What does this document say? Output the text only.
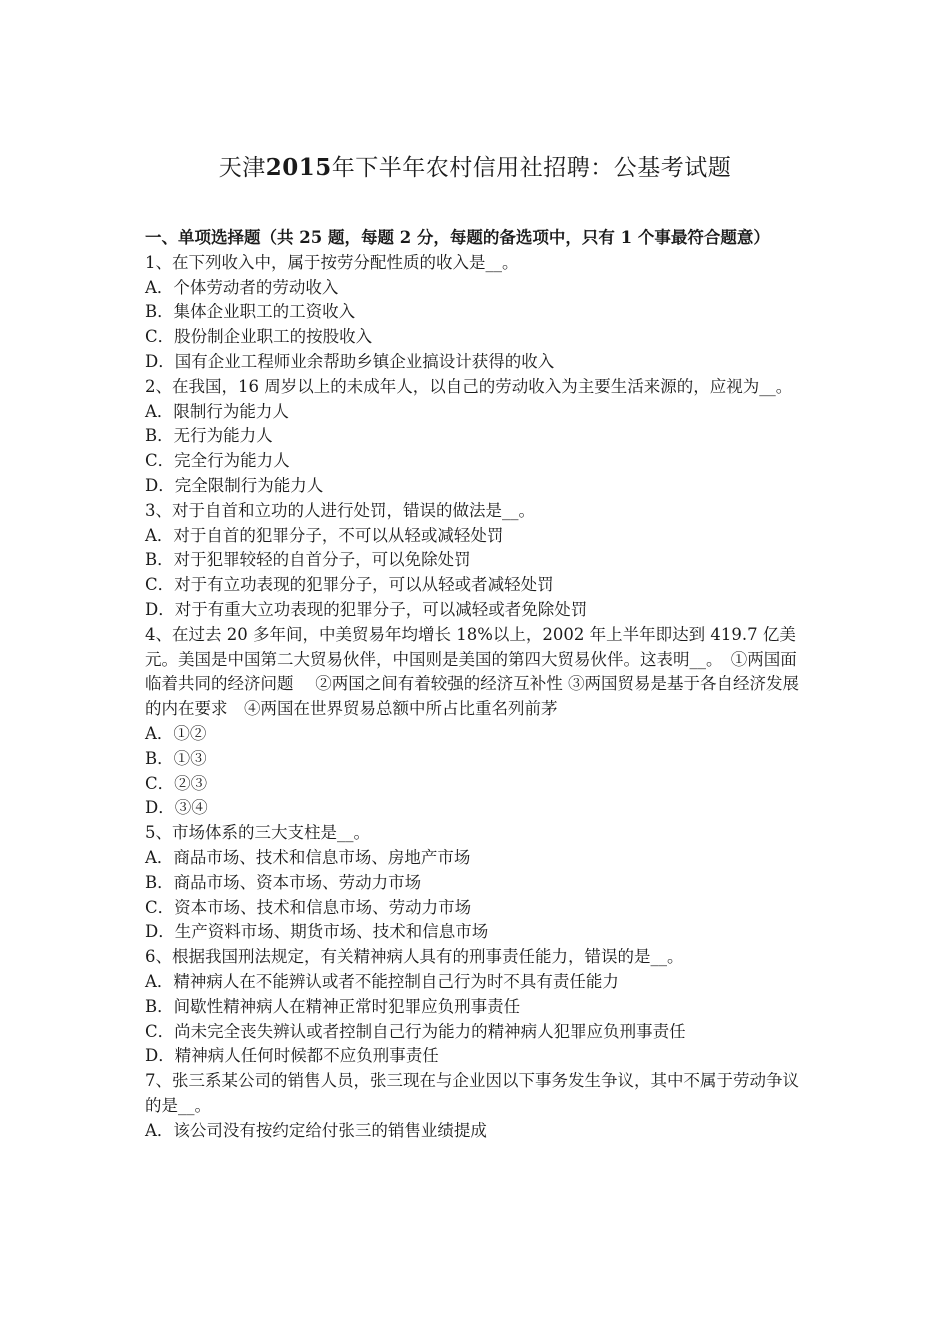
天津2015年下半年农村信用社招聘：公基考试题
一、单项选择题（共 25 题，每题 2 分，每题的备选项中，只有 1 个事最符合题意）
1、在下列收入中，属于按劳分配性质的收入是__。
A．个体劳动者的劳动收入
B．集体企业职工的工资收入
C．股份制企业职工的按股收入
D．国有企业工程师业余帮助乡镇企业搞设计获得的收入
2、在我国，16 周岁以上的未成年人，以自己的劳动收入为主要生活来源的，应视为__。
A．限制行为能力人
B．无行为能力人
C．完全行为能力人
D．完全限制行为能力人
3、对于自首和立功的人进行处罚，错误的做法是__。
A．对于自首的犯罪分子，不可以从轻或减轻处罚
B．对于犯罪较轻的自首分子，可以免除处罚
C．对于有立功表现的犯罪分子，可以从轻或者减轻处罚
D．对于有重大立功表现的犯罪分子，可以减轻或者免除处罚
4、在过去 20 多年间，中美贸易年均增长 18%以上，2002 年上半年即达到 419.7 亿美元。美国是中国第二大贸易伙伴，中国则是美国的第四大贸易伙伴。这表明__。　①两国面临着共同的经济问题　 ②两国之间有着较强的经济互补性 ③两国贸易是基于各自经济发展的内在要求　④两国在世界贸易总额中所占比重名列前茅
A．①②
B．①③
C．②③
D．③④
5、市场体系的三大支柱是__。
A．商品市场、技术和信息市场、房地产市场
B．商品市场、资本市场、劳动力市场
C．资本市场、技术和信息市场、劳动力市场
D．生产资料市场、期货市场、技术和信息市场
6、根据我国刑法规定，有关精神病人具有的刑事责任能力，错误的是__。
A．精神病人在不能辨认或者不能控制自己行为时不具有责任能力
B．间歇性精神病人在精神正常时犯罪应负刑事责任
C．尚未完全丧失辨认或者控制自己行为能力的精神病人犯罪应负刑事责任
D．精神病人任何时候都不应负刑事责任
7、张三系某公司的销售人员，张三现在与企业因以下事务发生争议，其中不属于劳动争议的是__。
A．该公司没有按约定给付张三的销售业绩提成
